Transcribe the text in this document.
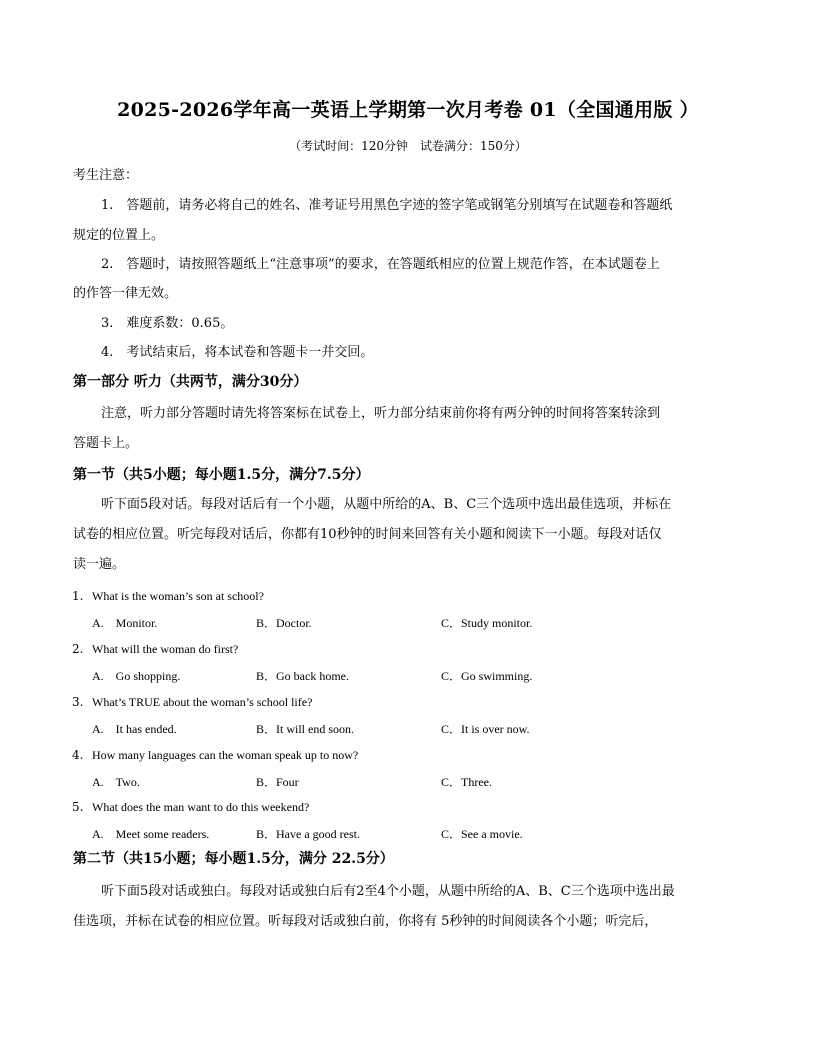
2025-2026学年高一英语上学期第一次月考卷 01（全国通用版 ）
（考试时间：120分钟　试卷满分：150分）
考生注意：
1.　答题前，请务必将自己的姓名、准考证号用黑色字迹的签字笔或钢笔分别填写在试题卷和答题纸
规定的位置上。
2.　答题时，请按照答题纸上“注意事项”的要求，在答题纸相应的位置上规范作答，在本试题卷上
的作答一律无效。
3.　难度系数：0.65。
4.　考试结束后，将本试卷和答题卡一并交回。
第一部分 听力（共两节，满分30分）
注意，听力部分答题时请先将答案标在试卷上，听力部分结束前你将有两分钟的时间将答案转涂到
答题卡上。
第一节（共5小题；每小题1.5分，满分7.5分）
听下面5段对话。每段对话后有一个小题，从题中所给的A、B、C三个选项中选出最佳选项，并标在
试卷的相应位置。听完每段对话后，你都有10秒钟的时间来回答有关小题和阅读下一小题。每段对话仅
读一遍。
1. What is the woman’s son at school?
A.　Monitor.	B．Doctor.	C．Study monitor.
2. What will the woman do first?
A.　Go shopping.	B．Go back home.	C．Go swimming.
3. What’s TRUE about the woman’s school life?
A.　It has ended.	B．It will end soon.	C．It is over now.
4. How many languages can the woman speak up to now?
A.　Two.	B．Four	C．Three.
5. What does the man want to do this weekend?
A.　Meet some readers.	B．Have a good rest.	C．See a movie.
第二节（共15小题；每小题1.5分，满分 22.5分）
听下面5段对话或独白。每段对话或独白后有2至4个小题，从题中所给的A、B、C三个选项中选出最
佳选项，并标在试卷的相应位置。听每段对话或独白前，你将有 5秒钟的时间阅读各个小题；听完后，
